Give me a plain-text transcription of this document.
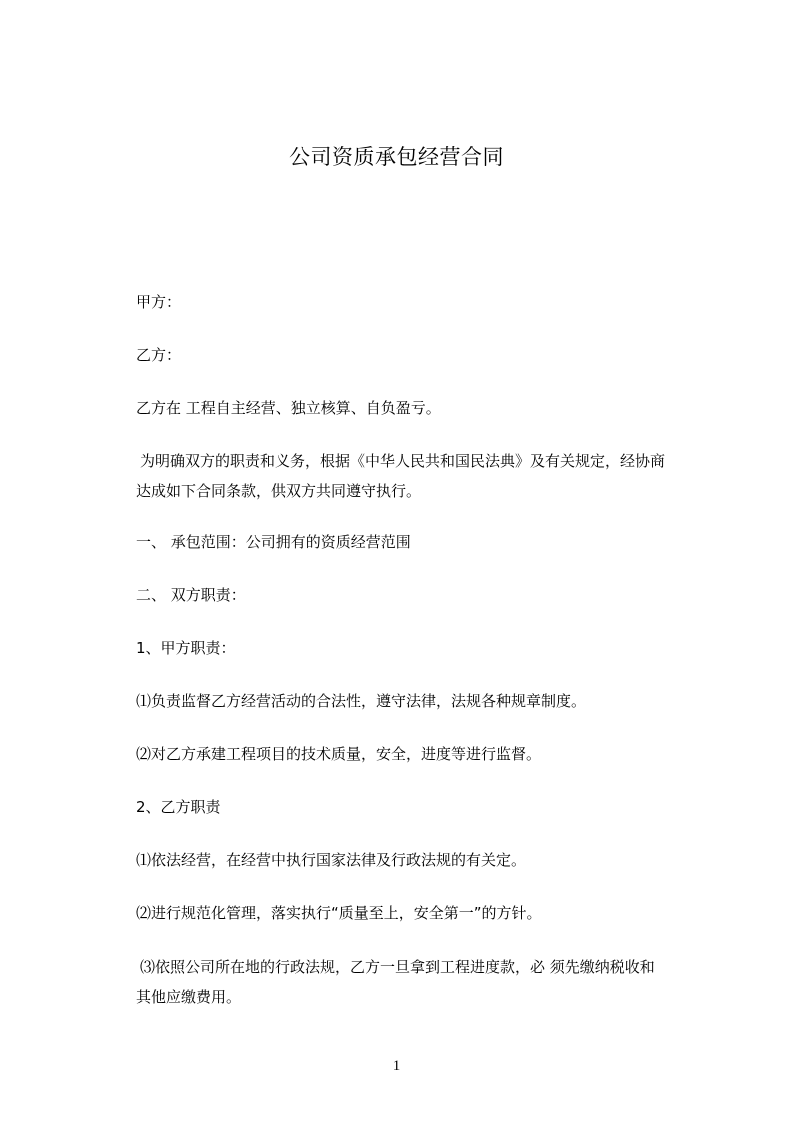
公司资质承包经营合同
甲方：
乙方：
乙方在 工程自主经营、独立核算、自负盈亏。
为明确双方的职责和义务，根据《中华人民共和国民法典》及有关规定，经协商
达成如下合同条款，供双方共同遵守执行。
一、 承包范围：公司拥有的资质经营范围
二、 双方职责：
1、甲方职责：
⑴负责监督乙方经营活动的合法性，遵守法律，法规各种规章制度。
⑵对乙方承建工程项目的技术质量，安全，进度等进行监督。
2、乙方职责
⑴依法经营，在经营中执行国家法律及行政法规的有关定。
⑵进行规范化管理，落实执行“质量至上，安全第一”的方针。
⑶依照公司所在地的行政法规，乙方一旦拿到工程进度款，必 须先缴纳税收和
其他应缴费用。
1
